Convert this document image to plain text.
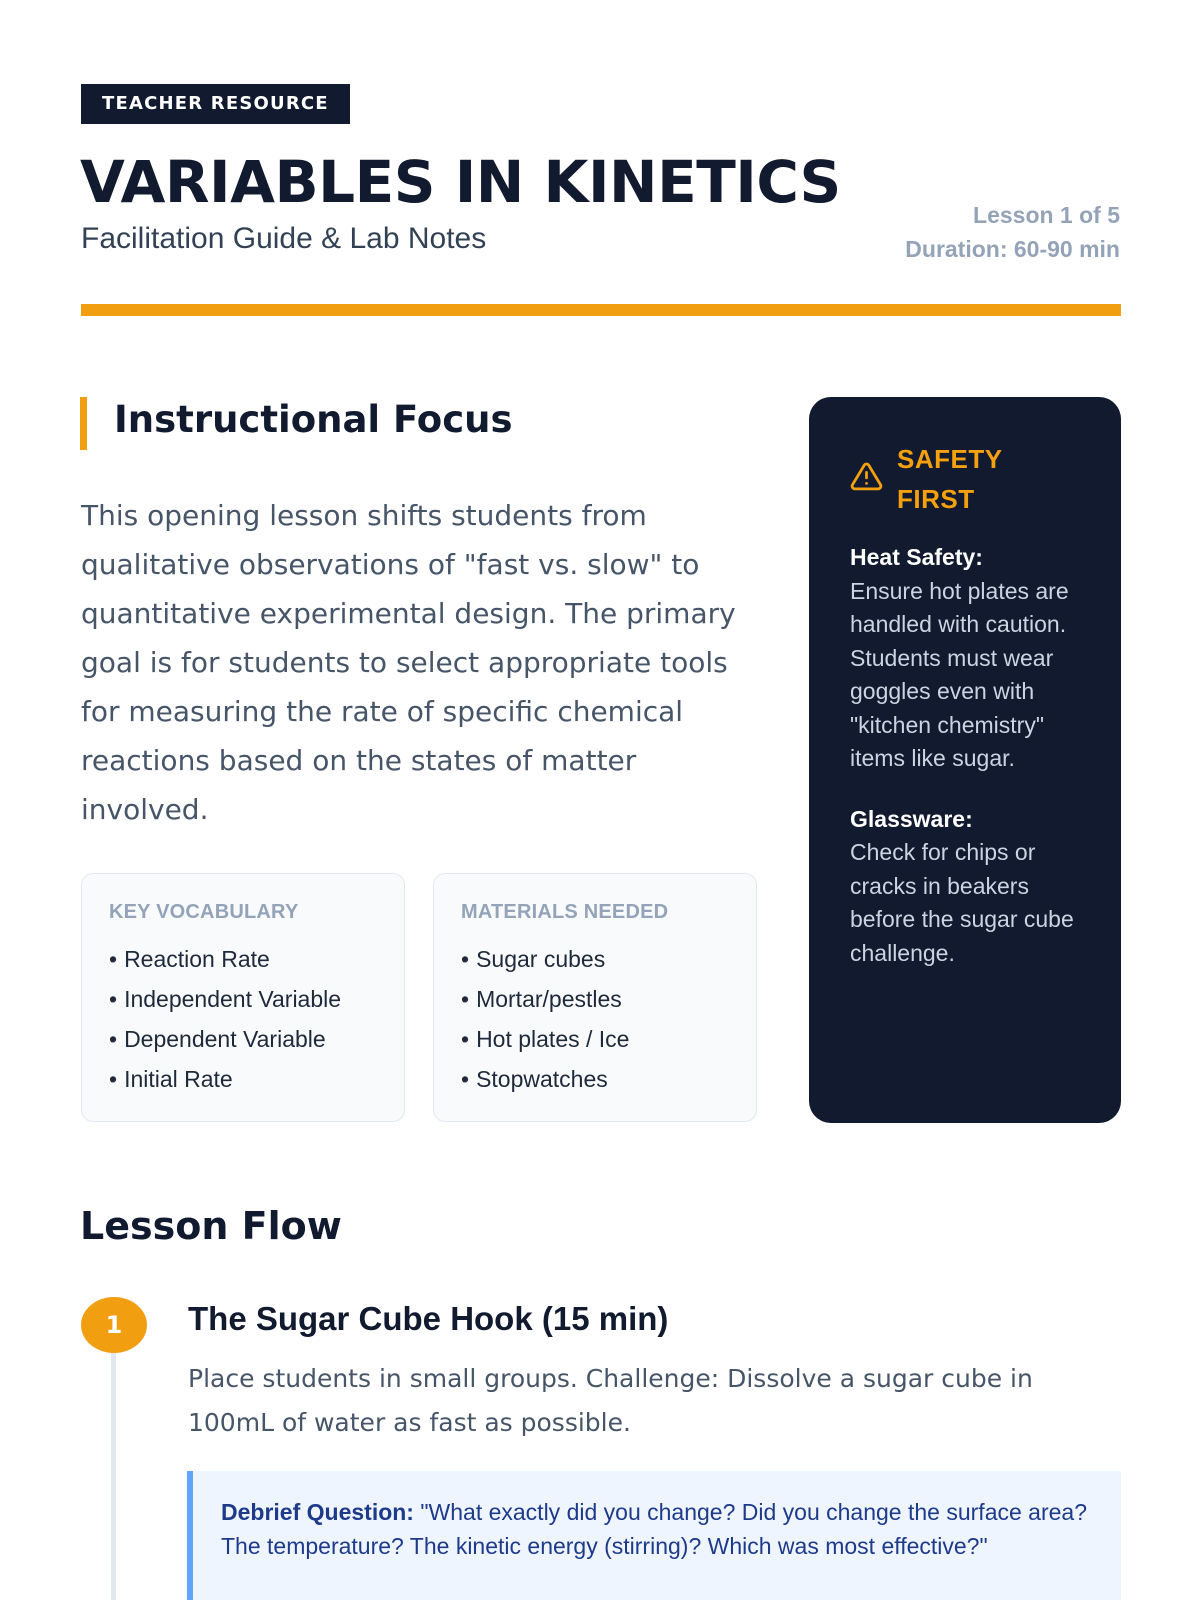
TEACHER RESOURCE
VARIABLES IN KINETICS
Facilitation Guide & Lab Notes
Lesson 1 of 5
Duration: 60-90 min
Instructional Focus

This opening lesson shifts students from qualitative observations of "fast vs. slow" to quantitative experimental design. The primary goal is for students to select appropriate tools for measuring the rate of specific chemical reactions based on the states of matter involved.

KEY VOCABULARY
• Reaction Rate
• Independent Variable
• Dependent Variable
• Initial Rate
MATERIALS NEEDED
• Sugar cubes
• Mortar/pestles
• Hot plates / Ice
• Stopwatches
SAFETY
FIRST
Heat Safety:
Ensure hot plates are handled with caution. Students must wear goggles even with "kitchen chemistry" items like sugar.
Glassware:
Check for chips or cracks in beakers before the sugar cube challenge.
Lesson Flow
1	The Sugar Cube Hook (15 min)

Place students in small groups. Challenge: Dissolve a sugar cube in 100mL of water as fast as possible.

Debrief Question: "What exactly did you change? Did you change the surface area? The temperature? The kinetic energy (stirring)? Which was most effective?"
